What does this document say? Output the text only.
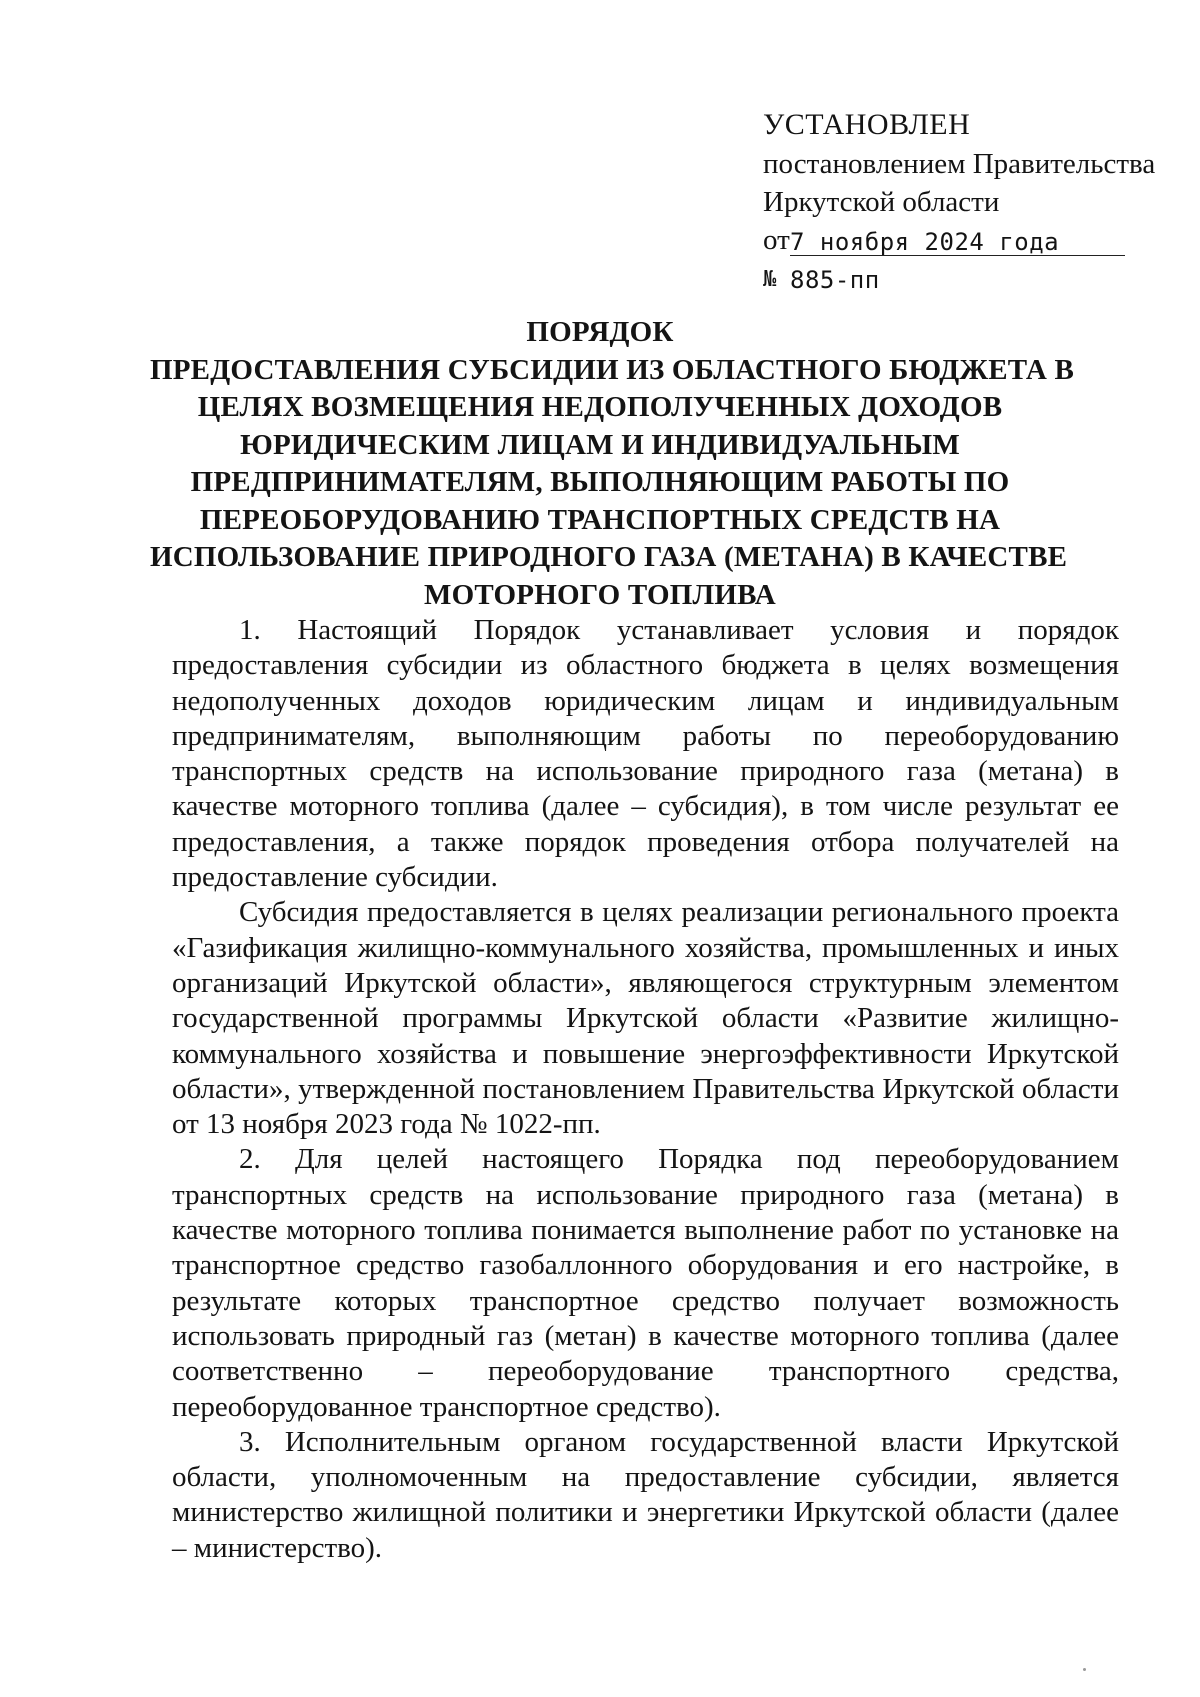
УСТАНОВЛЕН
постановлением Правительства
Иркутской области
от 7 ноября 2024 года
№ 885-пп
ПОРЯДОК
ПРЕДОСТАВЛЕНИЯ СУБСИДИИ ИЗ ОБЛАСТНОГО БЮДЖЕТА В
ЦЕЛЯХ ВОЗМЕЩЕНИЯ НЕДОПОЛУЧЕННЫХ ДОХОДОВ
ЮРИДИЧЕСКИМ ЛИЦАМ И ИНДИВИДУАЛЬНЫМ
ПРЕДПРИНИМАТЕЛЯМ, ВЫПОЛНЯЮЩИМ РАБОТЫ ПО
ПЕРЕОБОРУДОВАНИЮ ТРАНСПОРТНЫХ СРЕДСТВ НА
ИСПОЛЬЗОВАНИЕ ПРИРОДНОГО ГАЗА (МЕТАНА) В КАЧЕСТВЕ
МОТОРНОГО ТОПЛИВА

1. Настоящий Порядок устанавливает условия и порядок предоставления субсидии из областного бюджета в целях возмещения недополученных доходов юридическим лицам и индивидуальным предпринимателям, выполняющим работы по переоборудованию транспортных средств на использование природного газа (метана) в качестве моторного топлива (далее – субсидия), в том числе результат ее предоставления, а также порядок проведения отбора получателей на предоставление субсидии.

Субсидия предоставляется в целях реализации регионального проекта «Газификация жилищно-коммунального хозяйства, промышленных и иных организаций Иркутской области», являющегося структурным элементом государственной программы Иркутской области «Развитие жилищно-коммунального хозяйства и повышение энергоэффективности Иркутской области», утвержденной постановлением Правительства Иркутской области от 13 ноября 2023 года № 1022-пп.

2. Для целей настоящего Порядка под переоборудованием транспортных средств на использование природного газа (метана) в качестве моторного топлива понимается выполнение работ по установке на транспортное средство газобаллонного оборудования и его настройке, в результате которых транспортное средство получает возможность использовать природный газ (метан) в качестве моторного топлива (далее соответственно – переоборудование транспортного средства, переоборудованное транспортное средство).

3. Исполнительным органом государственной власти Иркутской области, уполномоченным на предоставление субсидии, является министерство жилищной политики и энергетики Иркутской области (далее – министерство).
